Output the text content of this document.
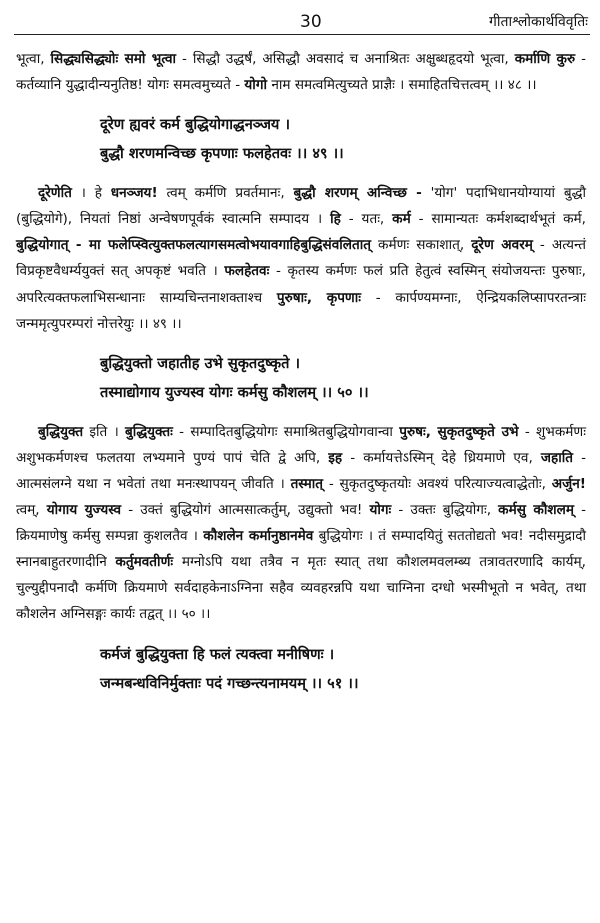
30	गीताश्लोकार्थविवृतिः

भूत्वा, सिद्ध्यसिद्ध्योः समो भूत्वा - सिद्धौ उद्धर्षं, असिद्धौ अवसादं च अनाश्रितः अक्षुब्धहृदयो भूत्वा, कर्माणि कुरु - कर्तव्यानि युद्धादीन्यनुतिष्ठ! योगः समत्वमुच्यते - योगो नाम समत्वमित्युच्यते प्राज्ञैः । समाहितचित्तत्वम् ।। ४८ ।।

दूरेण ह्यवरं कर्म बुद्धियोगाद्धनञ्जय ।
बुद्धौ शरणमन्विच्छ कृपणाः फलहेतवः ।। ४९ ।।

दूरेणेति । हे धनञ्जय! त्वम् कर्मणि प्रवर्तमानः, बुद्धौ शरणम् अन्विच्छ - 'योग' पदाभिधानयोग्यायां बुद्धौ (बुद्धियोगे), नियतां निष्ठां अन्वेषणपूर्वकं स्वात्मनि सम्पादय । हि - यतः, कर्म - सामान्यतः कर्मशब्दार्थभूतं कर्म, बुद्धियोगात् - मा फलेप्स्वित्युक्तफलत्यागसमत्वोभयावगाहिबुद्धिसंवलितात् कर्मणः सकाशात्, दूरेण अवरम् - अत्यन्तं विप्रकृष्टवैधर्म्ययुक्तं सत् अपकृष्टं भवति । फलहेतवः - कृतस्य कर्मणः फलं प्रति हेतुत्वं स्वस्मिन् संयोजयन्तः पुरुषाः, अपरित्यक्तफलाभिसन्धानाः साम्यचिन्तनाशक्ताश्च पुरुषाः, कृपणाः - कार्पण्यमग्नाः, ऐन्द्रियकलिप्सापरतन्त्राः जन्ममृत्युपरम्परां नोत्तरेयुः ।। ४९ ।।

बुद्धियुक्तो जहातीह उभे सुकृतदुष्कृते ।
तस्माद्योगाय युज्यस्व योगः कर्मसु कौशलम् ।। ५० ।।

बुद्धियुक्त इति । बुद्धियुक्तः - सम्पादितबुद्धियोगः समाश्रितबुद्धियोगवान्वा पुरुषः, सुकृतदुष्कृते उभे - शुभकर्मणः अशुभकर्मणश्च फलतया लभ्यमाने पुण्यं पापं चेति द्वे अपि, इह - कर्मायत्तेऽस्मिन् देहे ध्रियमाणे एव, जहाति - आत्मसंलग्ने यथा न भवेतां तथा मनःस्थापयन् जीवति । तस्मात् - सुकृतदुष्कृतयोः अवश्यं परित्याज्यत्वाद्धेतोः, अर्जुन! त्वम्, योगाय युज्यस्व - उक्तं बुद्धियोगं आत्मसात्कर्तुम्, उद्युक्तो भव! योगः - उक्तः बुद्धियोगः, कर्मसु कौशलम् - क्रियमाणेषु कर्मसु सम्पन्ना कुशलतैव । कौशलेन कर्मानुष्ठानमेव बुद्धियोगः । तं सम्पादयितुं सततोद्यतो भव! नदीसमुद्रादौ स्नानबाहुतरणादीनि कर्तुमवतीर्णः मग्नोऽपि यथा तत्रैव न मृतः स्यात् तथा कौशलमवलम्ब्य तत्रावतरणादि कार्यम्, चुल्युद्दीपनादौ कर्मणि क्रियमाणे सर्वदाहकेनाऽग्निना सहैव व्यवहरन्नपि यथा चाग्निना दग्धो भस्मीभूतो न भवेत्, तथा कौशलेन अग्निसङ्गः कार्यः तद्वत् ।। ५० ।।

कर्मजं बुद्धियुक्ता हि फलं त्यक्त्वा मनीषिणः ।
जन्मबन्धविनिर्मुक्ताः पदं गच्छन्त्यनामयम् ।। ५१ ।।
